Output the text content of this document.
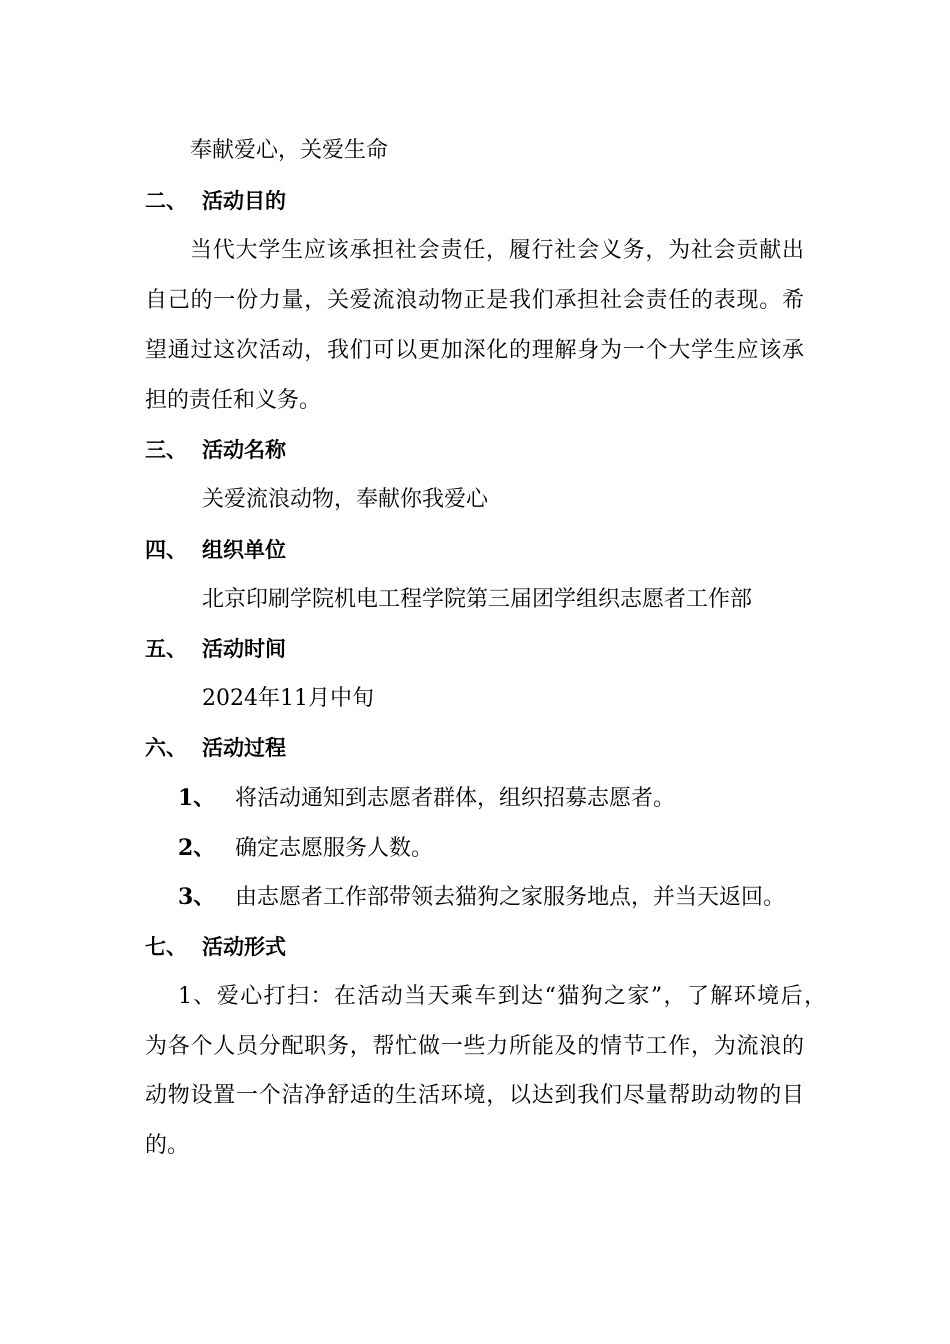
奉献爱心，关爱生命
二、 活动目的
当代大学生应该承担社会责任，履行社会义务，为社会贡献出
自己的一份力量，关爱流浪动物正是我们承担社会责任的表现。希
望通过这次活动，我们可以更加深化的理解身为一个大学生应该承
担的责任和义务。
三、 活动名称
关爱流浪动物，奉献你我爱心
四、 组织单位
北京印刷学院机电工程学院第三届团学组织志愿者工作部
五、 活动时间
2024年11月中旬
六、 活动过程
1、 将活动通知到志愿者群体，组织招募志愿者。
2、 确定志愿服务人数。
3、 由志愿者工作部带领去猫狗之家服务地点，并当天返回。
七、 活动形式
1、爱心打扫：在活动当天乘车到达“猫狗之家”，了解环境后，
为各个人员分配职务，帮忙做一些力所能及的情节工作，为流浪的
动物设置一个洁净舒适的生活环境，以达到我们尽量帮助动物的目
的。
